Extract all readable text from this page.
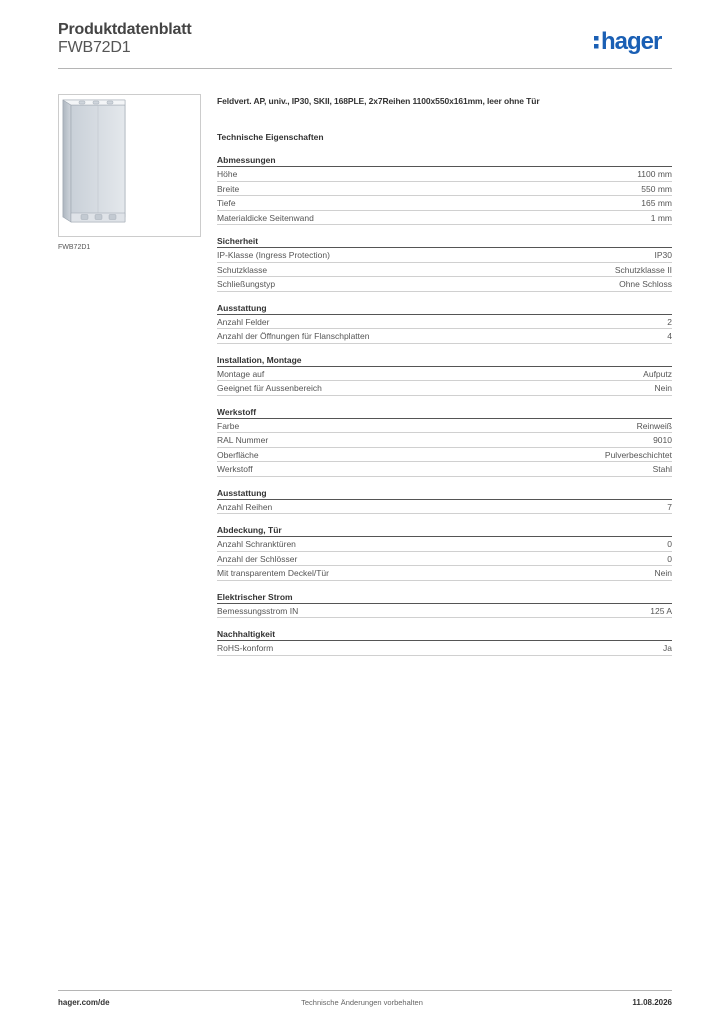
Produktdatenblatt
FWB72D1	hager
FWB72D1
Feldvert. AP, univ., IP30, SKII, 168PLE, 2x7Reihen 1100x550x161mm, leer ohne Tür
Technische Eigenschaften
Abmessungen
Höhe	1100 mm
Breite	550 mm
Tiefe	165 mm
Materialdicke Seitenwand	1 mm
Sicherheit
IP-Klasse (Ingress Protection)	IP30
Schutzklasse	Schutzklasse II
Schließungstyp	Ohne Schloss
Ausstattung
Anzahl Felder	2
Anzahl der Öffnungen für Flanschplatten	4
Installation, Montage
Montage auf	Aufputz
Geeignet für Aussenbereich	Nein
Werkstoff
Farbe	Reinweiß
RAL Nummer	9010
Oberfläche	Pulverbeschichtet
Werkstoff	Stahl
Ausstattung
Anzahl Reihen	7
Abdeckung, Tür
Anzahl Schranktüren	0
Anzahl der Schlösser	0
Mit transparentem Deckel/Tür	Nein
Elektrischer Strom
Bemessungsstrom IN	125 A
Nachhaltigkeit
RoHS-konform	Ja
hager.com/de	Technische Änderungen vorbehalten	11.08.2026
